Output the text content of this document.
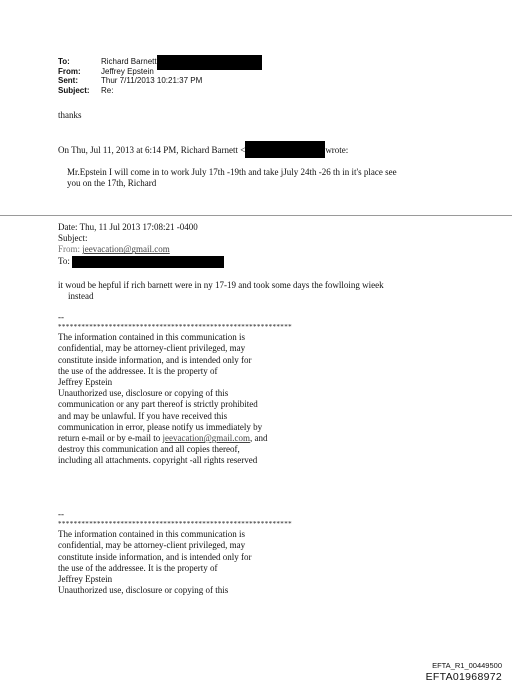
To:	Richard Barnett
From:	Jeffrey Epstein
Sent:	Thur 7/11/2013 10:21:37 PM
Subject: Re:
thanks
On Thu, Jul 11, 2013 at 6:14 PM, Richard Barnett <	wrote:
Mr.Epstein I will come in to work July 17th -19th and take jJuly 24th -26 th in it's place see
you on the 17th, Richard
Date: Thu, 11 Jul 2013 17:08:21 -0400
Subject:
From: jeevacation@gmail.com
To:
it woud be hepful if rich barnett were in ny 17-19 and took some days the fowlloing wieek
instead
--
************************************************************
The information contained in this communication is
confidential, may be attorney-client privileged, may
constitute inside information, and is intended only for
the use of the addressee. It is the property of
Jeffrey Epstein
Unauthorized use, disclosure or copying of this
communication or any part thereof is strictly prohibited
and may be unlawful. If you have received this
communication in error, please notify us immediately by
return e-mail or by e-mail to jeevacation@gmail.com, and
destroy this communication and all copies thereof,
including all attachments. copyright -all rights reserved
--
************************************************************
The information contained in this communication is
confidential, may be attorney-client privileged, may
constitute inside information, and is intended only for
the use of the addressee. It is the property of
Jeffrey Epstein
Unauthorized use, disclosure or copying of this
EFTA_R1_00449500
EFTA01968972
